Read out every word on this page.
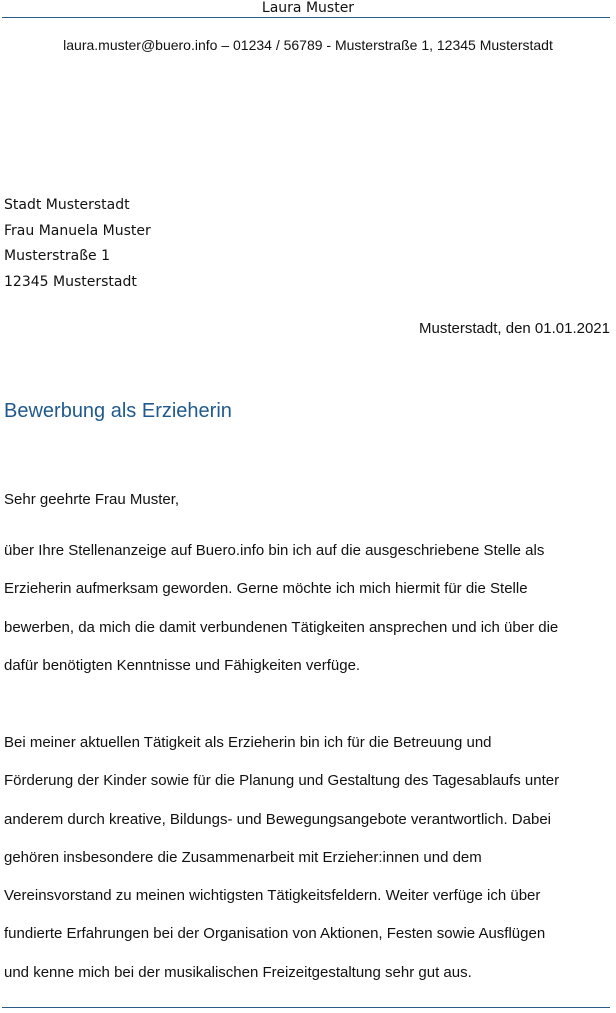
Laura Muster
laura.muster@buero.info – 01234 / 56789 - Musterstraße 1, 12345 Musterstadt
Stadt Musterstadt
Frau Manuela Muster
Musterstraße 1
12345 Musterstadt
Musterstadt, den 01.01.2021
Bewerbung als Erzieherin
Sehr geehrte Frau Muster,
über Ihre Stellenanzeige auf Buero.info bin ich auf die ausgeschriebene Stelle als
Erzieherin aufmerksam geworden. Gerne möchte ich mich hiermit für die Stelle
bewerben, da mich die damit verbundenen Tätigkeiten ansprechen und ich über die
dafür benötigten Kenntnisse und Fähigkeiten verfüge.
Bei meiner aktuellen Tätigkeit als Erzieherin bin ich für die Betreuung und
Förderung der Kinder sowie für die Planung und Gestaltung des Tagesablaufs unter
anderem durch kreative, Bildungs- und Bewegungsangebote verantwortlich. Dabei
gehören insbesondere die Zusammenarbeit mit Erzieher:innen und dem
Vereinsvorstand zu meinen wichtigsten Tätigkeitsfeldern. Weiter verfüge ich über
fundierte Erfahrungen bei der Organisation von Aktionen, Festen sowie Ausflügen
und kenne mich bei der musikalischen Freizeitgestaltung sehr gut aus.
